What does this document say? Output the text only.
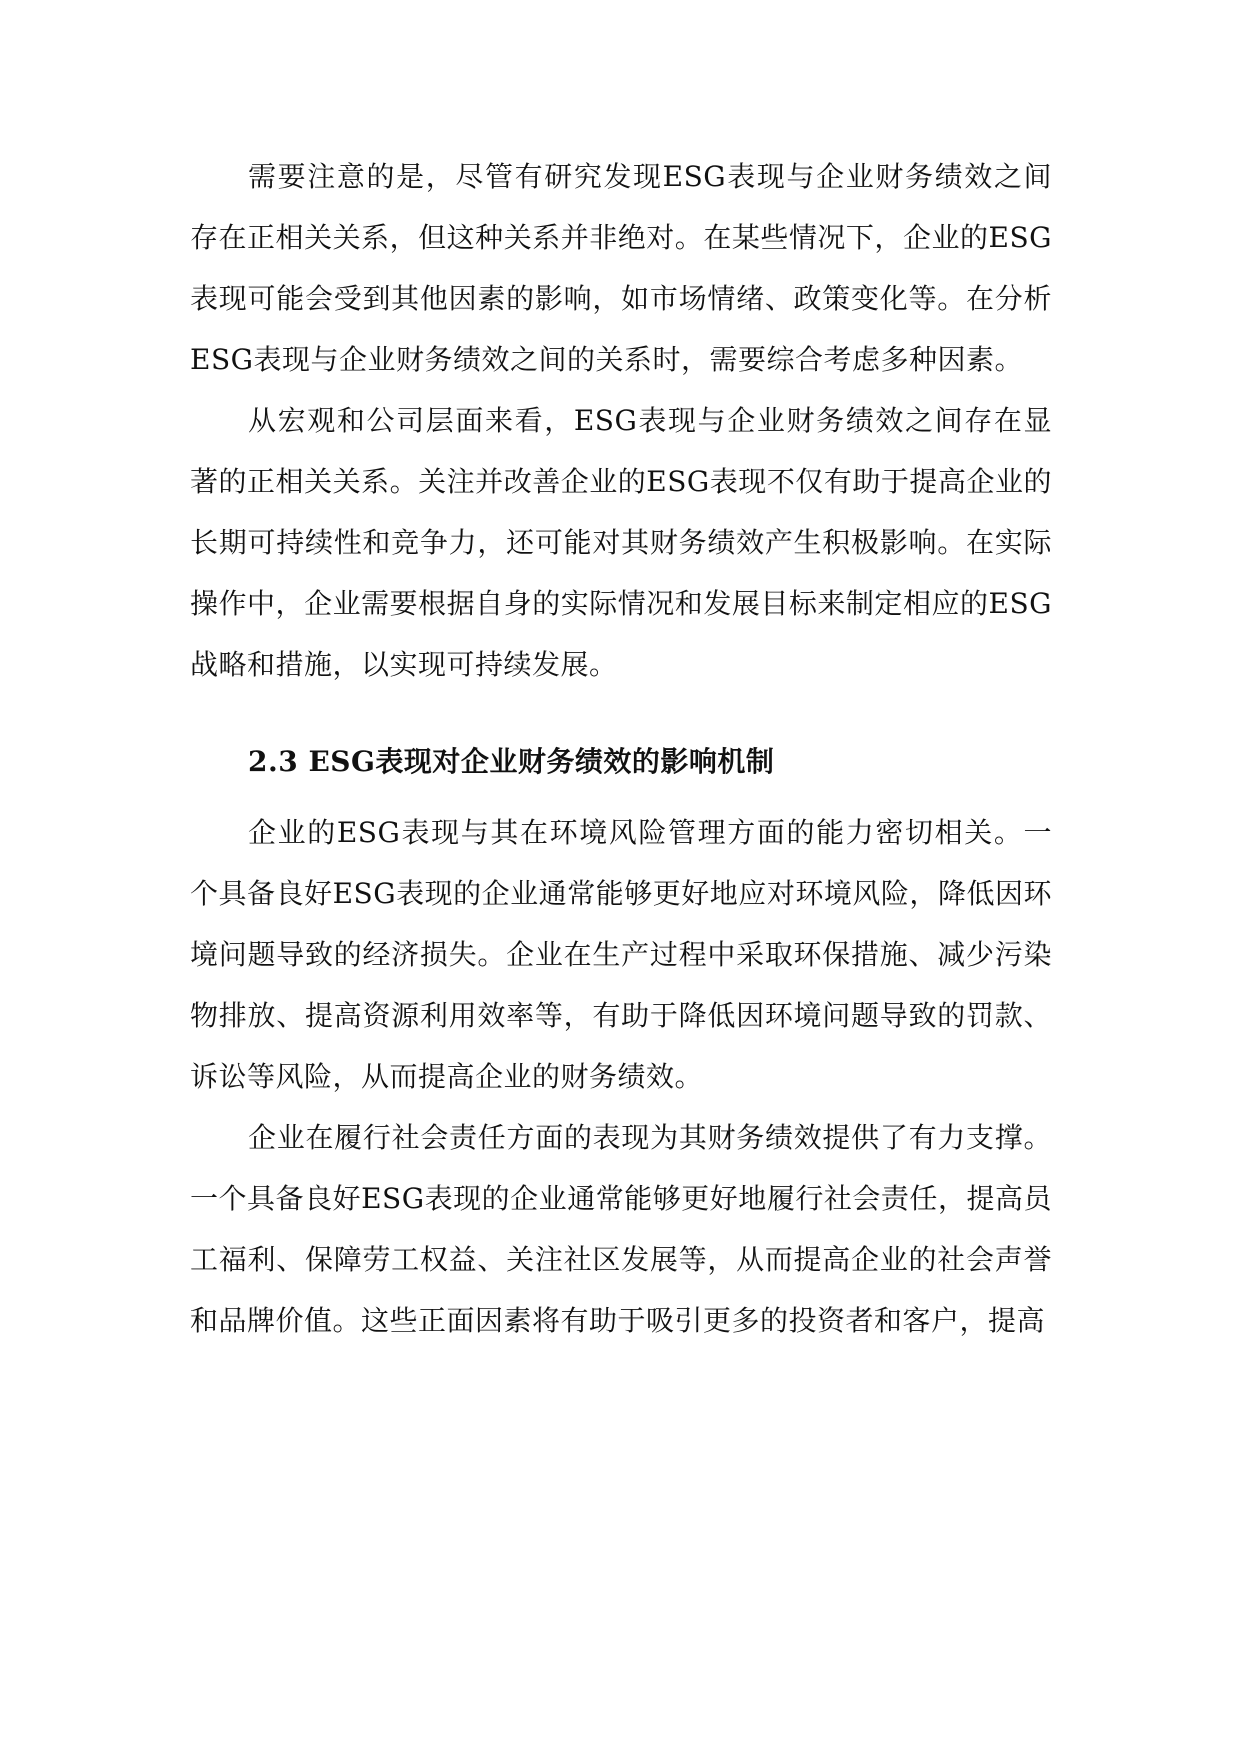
需要注意的是，尽管有研究发现ESG表现与企业财务绩效之间存在正相关关系，但这种关系并非绝对。在某些情况下，企业的ESG表现可能会受到其他因素的影响，如市场情绪、政策变化等。在分析ESG表现与企业财务绩效之间的关系时，需要综合考虑多种因素。

从宏观和公司层面来看，ESG表现与企业财务绩效之间存在显著的正相关关系。关注并改善企业的ESG表现不仅有助于提高企业的长期可持续性和竞争力，还可能对其财务绩效产生积极影响。在实际操作中，企业需要根据自身的实际情况和发展目标来制定相应的ESG战略和措施，以实现可持续发展。

2.3 ESG表现对企业财务绩效的影响机制

企业的ESG表现与其在环境风险管理方面的能力密切相关。一个具备良好ESG表现的企业通常能够更好地应对环境风险，降低因环境问题导致的经济损失。企业在生产过程中采取环保措施、减少污染物排放、提高资源利用效率等，有助于降低因环境问题导致的罚款、诉讼等风险，从而提高企业的财务绩效。

企业在履行社会责任方面的表现为其财务绩效提供了有力支撑。一个具备良好ESG表现的企业通常能够更好地履行社会责任，提高员工福利、保障劳工权益、关注社区发展等，从而提高企业的社会声誉和品牌价值。这些正面因素将有助于吸引更多的投资者和客户，提高
